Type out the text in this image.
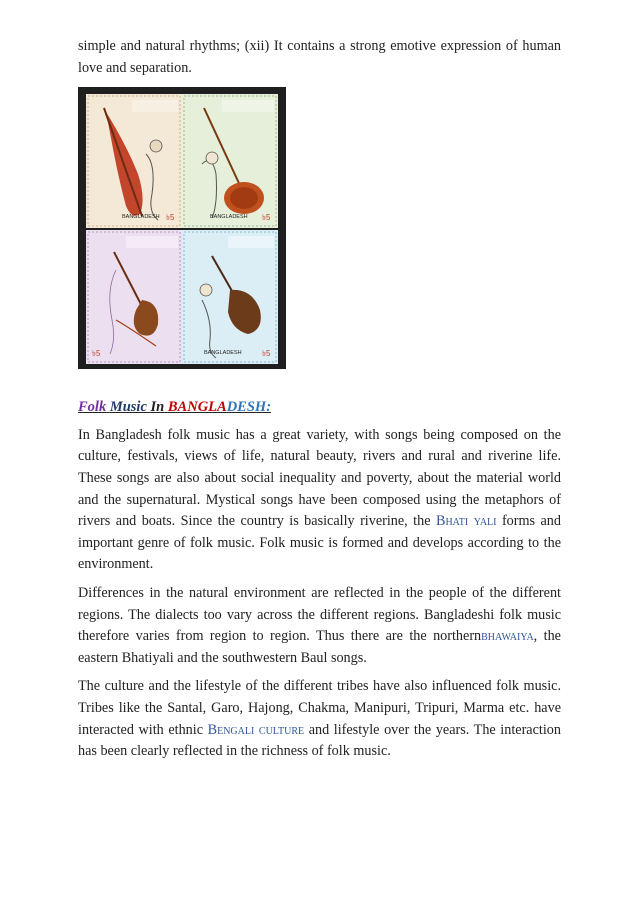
simple and natural rhythms; (xii) It contains a strong emotive expression of human love and separation.

BANGLADESH ৳5	BANGLADESH ৳5
৳5	BANGLADESH	৳5

Folk Music In BANGLADESH:

In Bangladesh folk music has a great variety, with songs being composed on the culture, festivals, views of life, natural beauty, rivers and rural and riverine life. These songs are also about social inequality and poverty, about the material world and the supernatural. Mystical songs have been composed using the metaphors of rivers and boats. Since the country is basically riverine, the Bhati yali forms and important genre of folk music. Folk music is formed and develops according to the environment.

Differences in the natural environment are reflected in the people of the different regions. The dialects too vary across the different regions. Bangladeshi folk music therefore varies from region to region. Thus there are the northernbhawaiya, the eastern Bhatiyali and the southwestern Baul songs.

The culture and the lifestyle of the different tribes have also influenced folk music. Tribes like the Santal, Garo, Hajong, Chakma, Manipuri, Tripuri, Marma etc. have interacted with ethnic Bengali culture and lifestyle over the years. The interaction has been clearly reflected in the richness of folk music.
